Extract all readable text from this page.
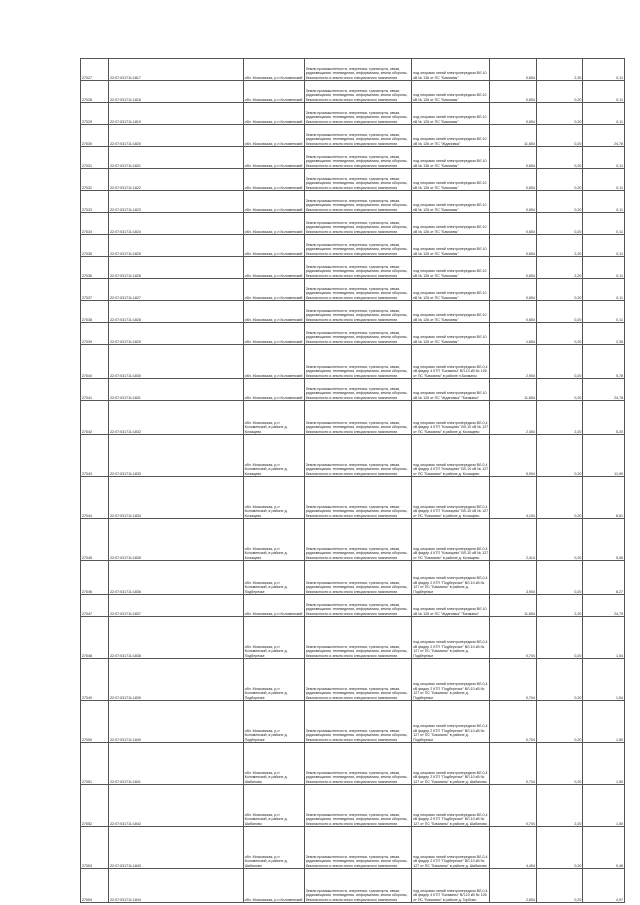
27027	22:07:031711:1817	обл. Московская, р-н Коломенский	Земли промышленности, энергетики, транспорта, связи, радиовещания, телевидения, информатики, земли обороны, безопасности и земли иного специального назначения	под опорами линий электропередачи ВЛ-10 кВ № 136 от ПС "Бачманы"	0,654	2,30	0,11
27028	22:07:031711:1818	обл. Московская, р-н Коломенский	Земли промышленности, энергетики, транспорта, связи, радиовещания, телевидения, информатики, земли обороны, безопасности и земли иного специального назначения	под опорами линий электропередачи ВЛ-10 кВ № 126 от ПС "Бачманы"	0,654	0,20	0,11
27029	22:07:031711:1819	обл. Московская, р-н Коломенский	Земли промышленности, энергетики, транспорта, связи, радиовещания, телевидения, информатики, земли обороны, безопасности и земли иного специального назначения	под опорами линий электропередачи ВЛ-10 кВ № 126 от ПС "Бачманы"	0,654	0,20	0,11
27030	22:07:031711:1820	обл. Московская, р-н Коломенский	Земли промышленности, энергетики, транспорта, связи, радиовещания, телевидения, информатики, земли обороны, безопасности и земли иного специального назначения	под опорами линий электропередачи ВЛ-10 кВ № 126 от ПС "Ждановка"	11,654	0,20	24,76
27031	22:07:031711:1821	обл. Московская, р-н Коломенский	Земли промышленности, энергетики, транспорта, связи, радиовещания, телевидения, информатики, земли обороны, безопасности и земли иного специального назначения	под опорами линий электропередачи ВЛ-10 кВ № 136 от ПС "Бачманы"	0,654	0,20	0,11
27032	22:07:031711:1822	обл. Московская, р-н Коломенский	Земли промышленности, энергетики, транспорта, связи, радиовещания, телевидения, информатики, земли обороны, безопасности и земли иного специального назначения	под опорами линий электропередачи ВЛ-10 кВ № 126 от ПС "Бачманы"	0,654	0,20	0,11
27033	22:07:031711:1823	обл. Московская, р-н Коломенский	Земли промышленности, энергетики, транспорта, связи, радиовещания, телевидения, информатики, земли обороны, безопасности и земли иного специального назначения	под опорами линий электропередачи ВЛ-10 кВ № 126 от ПС "Бачманы"	0,654	0,20	0,11
27034	22:07:031711:1824	обл. Московская, р-н Коломенский	Земли промышленности, энергетики, транспорта, связи, радиовещания, телевидения, информатики, земли обороны, безопасности и земли иного специального назначения	под опорами линий электропередачи ВЛ-10 кВ № 126 от ПС "Бачманы"	0,654	0,20	0,11
27035	22:07:031711:1825	обл. Московская, р-н Коломенский	Земли промышленности, энергетики, транспорта, связи, радиовещания, телевидения, информатики, земли обороны, безопасности и земли иного специального назначения	под опорами линий электропередачи ВЛ-10 кВ № 126 от ПС "Бачманы"	0,654	2,20	0,11
27036	22:07:031711:1826	обл. Московская, р-н Коломенский	Земли промышленности, энергетики, транспорта, связи, радиовещания, телевидения, информатики, земли обороны, безопасности и земли иного специального назначения	под опорами линий электропередачи ВЛ-10 кВ № 126 от ПС "Бачманы"	0,654	2,20	0,11
27037	22:07:031711:1827	обл. Московская, р-н Коломенский	Земли промышленности, энергетики, транспорта, связи, радиовещания, телевидения, информатики, земли обороны, безопасности и земли иного специального назначения	под опорами линий электропередачи ВЛ-10 кВ № 126 от ПС "Бачманы"	0,654	0,20	0,11
27038	22:07:031711:1828	обл. Московская, р-н Коломенский	Земли промышленности, энергетики, транспорта, связи, радиовещания, телевидения, информатики, земли обороны, безопасности и земли иного специального назначения	под опорами линий электропередачи ВЛ-10 кВ № 126 от ПС "Бачманы"	0,654	0,20	0,11
27039	22:07:031711:1829	обл. Московская, р-н Коломенский	Земли промышленности, энергетики, транспорта, связи, радиовещания, телевидения, информатики, земли обороны, безопасности и земли иного специального назначения	под опорами линий электропередачи ВЛ-10 кВ № 126 от ПС "Бачманы"	1,654	0,20	2,35
27040	22:07:031711:1830	обл. Московская, р-н Коломенский	Земли промышленности, энергетики, транспорта, связи, радиовещания, телевидения, информатики, земли обороны, безопасности и земли иного специального назначения	под опорами линий электропередачи ВЛ-0,4 кВ фидер 4 КТП "Бачманы" ВЛ-10 кВ № 126 от ПС "Бачманы" в районе п.Бачманы	2,904	0,20	5,78
27041	22:07:031711:1831	обл. Московская, р-н Коломенский	Земли промышленности, энергетики, транспорта, связи, радиовещания, телевидения, информатики, земли обороны, безопасности и земли иного специального назначения	под опорами линий электропередачи ВЛ-10 кВ № 126 от ПС "Ждановка" "Бачманы"	11,654	0,20	24,78
27042	22:07:031711:1832	обл. Московская, р-н Коломенский, в районе д. Кочищево	Земли промышленности, энергетики, транспорта, связи, радиовещания, телевидения, информатики, земли обороны, безопасности и земли иного специального назначения	под опорами линий электропередачи ВЛ-0,4 кВ фидер 4 КТП "Кочищево" ВЛ-10 кВ № 127 от ПС "Бачманы" в районе д. Кочищево	2,454	2,20	5,20
27043	22:07:031711:1833	обл. Московская, р-н Коломенский, в районе д. Кочищево	Земли промышленности, энергетики, транспорта, связи, радиовещания, телевидения, информатики, земли обороны, безопасности и земли иного специального назначения	под опорами линий электропередачи ВЛ-0,4 кВ фидер 4 КТП "Кочищево" ВЛ-10 кВ № 127 от ПС "Бачманы" в районе д. Кочищево	5,904	0,20	11,99
27044	22:07:031711:1834	обл. Московская, р-н Коломенский, в районе д. Кочищево	Земли промышленности, энергетики, транспорта, связи, радиовещания, телевидения, информатики, земли обороны, безопасности и земли иного специального назначения	под опорами линий электропередачи ВЛ-0,4 кВ фидер 4 КТП "Кочищево" ВЛ-10 кВ № 127 от ПС "Бачманы" в районе д. Кочищево	4,154	0,20	8,81
27045	22:07:031711:1835	обл. Московская, р-н Коломенский, в районе д. Кочищево	Земли промышленности, энергетики, транспорта, связи, радиовещания, телевидения, информатики, земли обороны, безопасности и земли иного специального назначения	под опорами линий электропередачи ВЛ-0,4 кВ фидер 4 КТП "Кочищево" ВЛ-10 кВ № 127 от ПС "Бачманы" в районе д. Кочищево	2,414	0,20	5,06
27046	22:07:031711:1836	обл. Московская, р-н Коломенский, в районе д. Подберезье	Земли промышленности, энергетики, транспорта, связи, радиовещания, телевидения, информатики, земли обороны, безопасности и земли иного специального назначения	под опорами линий электропередачи ВЛ-0,4 кВ фидер 2 КТП "Подберезье" ВЛ-10 кВ № 127 от ПС "Бачманы" в районе д. Подберезье	3,904	0,20	8,27
27047	22:07:031711:1837	обл. Московская, р-н Коломенский	Земли промышленности, энергетики, транспорта, связи, радиовещания, телевидения, информатики, земли обороны, безопасности и земли иного специального назначения	под опорами линий электропередачи ВЛ-10 кВ № 126 от ПС "Ждановка" "Бачманы"	11,654	2,20	24,79
27048	22:07:031711:1838	обл. Московская, р-н Коломенский, в районе д. Подберезье	Земли промышленности, энергетики, транспорта, связи, радиовещания, телевидения, информатики, земли обороны, безопасности и земли иного специального назначения	под опорами линий электропередачи ВЛ-0,4 кВ фидер 2 КТП "Подберезье" ВЛ-10 кВ № 127 от ПС "Бачманы" в районе д. Подберезье	0,704	0,20	1,54
27049	22:07:031711:1839	обл. Московская, р-н Коломенский, в районе д. Подберезье	Земли промышленности, энергетики, транспорта, связи, радиовещания, телевидения, информатики, земли обороны, безопасности и земли иного специального назначения	под опорами линий электропередачи ВЛ-0,4 кВ фидер 2 КТП "Подберезье" ВЛ-10 кВ № 127 от ПС "Бачманы" в районе д. Подберезье	0,704	0,20	1,54
27050	22:07:031711:1840	обл. Московская, р-н Коломенский, в районе д. Подберезье	Земли промышленности, энергетики, транспорта, связи, радиовещания, телевидения, информатики, земли обороны, безопасности и земли иного специального назначения	под опорами линий электропередачи ВЛ-0,4 кВ фидер 2 КТП "Подберезье" ВЛ-10 кВ № 127 от ПС "Бачманы" в районе д. Подберезье	0,704	0,20	1,50
27051	22:07:031711:1841	обл. Московская, р-н Коломенский, в районе д. Шабаново	Земли промышленности, энергетики, транспорта, связи, радиовещания, телевидения, информатики, земли обороны, безопасности и земли иного специального назначения	под опорами линий электропередачи ВЛ-0,4 кВ фидер 2 КТП "Подберезье" ВЛ-10 кВ № 127 от ПС "Бачманы" в районе д. Шабаново	0,704	0,20	1,50
27052	22:07:031711:1842	обл. Московская, р-н Коломенский, в районе д. Шабаново	Земли промышленности, энергетики, транспорта, связи, радиовещания, телевидения, информатики, земли обороны, безопасности и земли иного специального назначения	под опорами линий электропередачи ВЛ-0,4 кВ фидер 2 КТП "Подберезье" ВЛ-10 кВ № 127 от ПС "Бачманы" в районе д. Шабаново	0,704	2,20	1,50
27053	22:07:031711:1843	обл. Московская, р-н Коломенский, в районе д. Шабаново	Земли промышленности, энергетики, транспорта, связи, радиовещания, телевидения, информатики, земли обороны, безопасности и земли иного специального назначения	под опорами линий электропередачи ВЛ-0,4 кВ фидер 2 КТП "Подберезье" ВЛ-10 кВ № 127 от ПС "Бачманы" в районе д. Шабаново	4,454	0,20	9,46
27054	22:07:031711:1844	обл. Московская, р-н Коломенский	Земли промышленности, энергетики, транспорта, связи, радиовещания, телевидения, информатики, земли обороны, безопасности и земли иного специального назначения	под опорами линий электропередачи ВЛ-0,4 кВ фидер 4 КТП "Бачманы" ВЛ-10 кВ № 126 от ПС "Бачманы" в районе д. Горбово	2,654	0,20	4,97
